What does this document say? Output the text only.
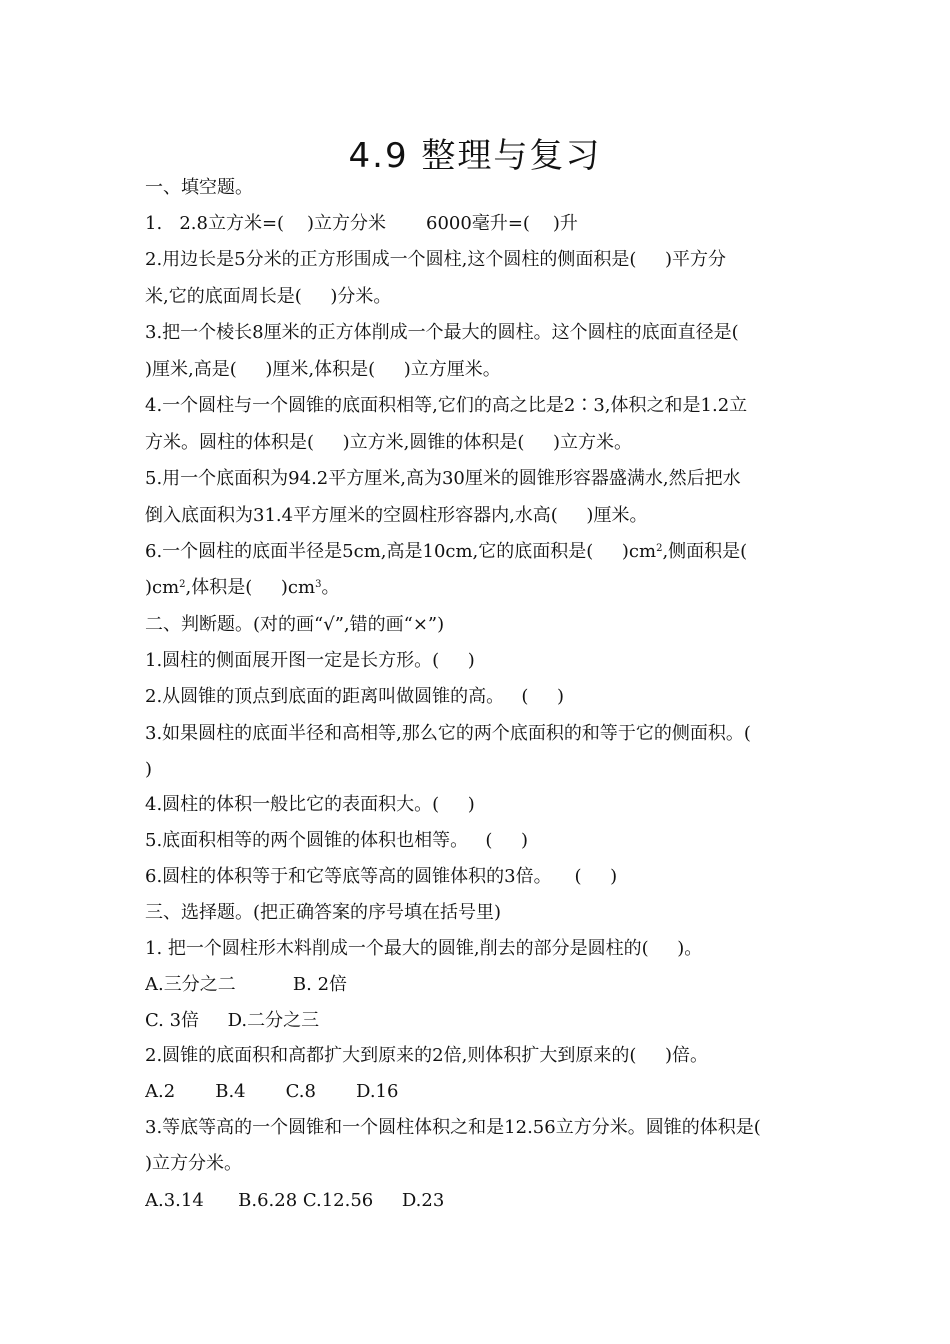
4.9 整理与复习
一、填空题。
1.   2.8立方米=(    )立方分米       6000毫升=(    )升
2.用边长是5分米的正方形围成一个圆柱,这个圆柱的侧面积是(     )平方分
米,它的底面周长是(     )分米。
3.把一个棱长8厘米的正方体削成一个最大的圆柱。这个圆柱的底面直径是(
)厘米,高是(     )厘米,体积是(     )立方厘米。
4.一个圆柱与一个圆锥的底面积相等,它们的高之比是2∶3,体积之和是1.2立
方米。圆柱的体积是(     )立方米,圆锥的体积是(     )立方米。
5.用一个底面积为94.2平方厘米,高为30厘米的圆锥形容器盛满水,然后把水
倒入底面积为31.4平方厘米的空圆柱形容器内,水高(     )厘米。
6.一个圆柱的底面半径是5cm,高是10cm,它的底面积是(     )$cm^2$,侧面积是(
)$cm^2$,体积是(     )$cm^3$。
二、判断题。(对的画“√”,错的画“×”)
1.圆柱的侧面展开图一定是长方形。(     )
2.从圆锥的顶点到底面的距离叫做圆锥的高。   (     )
3.如果圆柱的底面半径和高相等,那么它的两个底面积的和等于它的侧面积。(
)
4.圆柱的体积一般比它的表面积大。(     )
5.底面积相等的两个圆锥的体积也相等。   (     )
6.圆柱的体积等于和它等底等高的圆锥体积的3倍。    (     )
三、选择题。(把正确答案的序号填在括号里)
1. 把一个圆柱形木料削成一个最大的圆锥,削去的部分是圆柱的(     )。
A.三分之二          B. 2倍
C. 3倍     D.二分之三
2.圆锥的底面积和高都扩大到原来的2倍,则体积扩大到原来的(     )倍。
A.2       B.4       C.8       D.16
3.等底等高的一个圆锥和一个圆柱体积之和是12.56立方分米。圆锥的体积是(
)立方分米。
A.3.14      B.6.28 C.12.56     D.23
